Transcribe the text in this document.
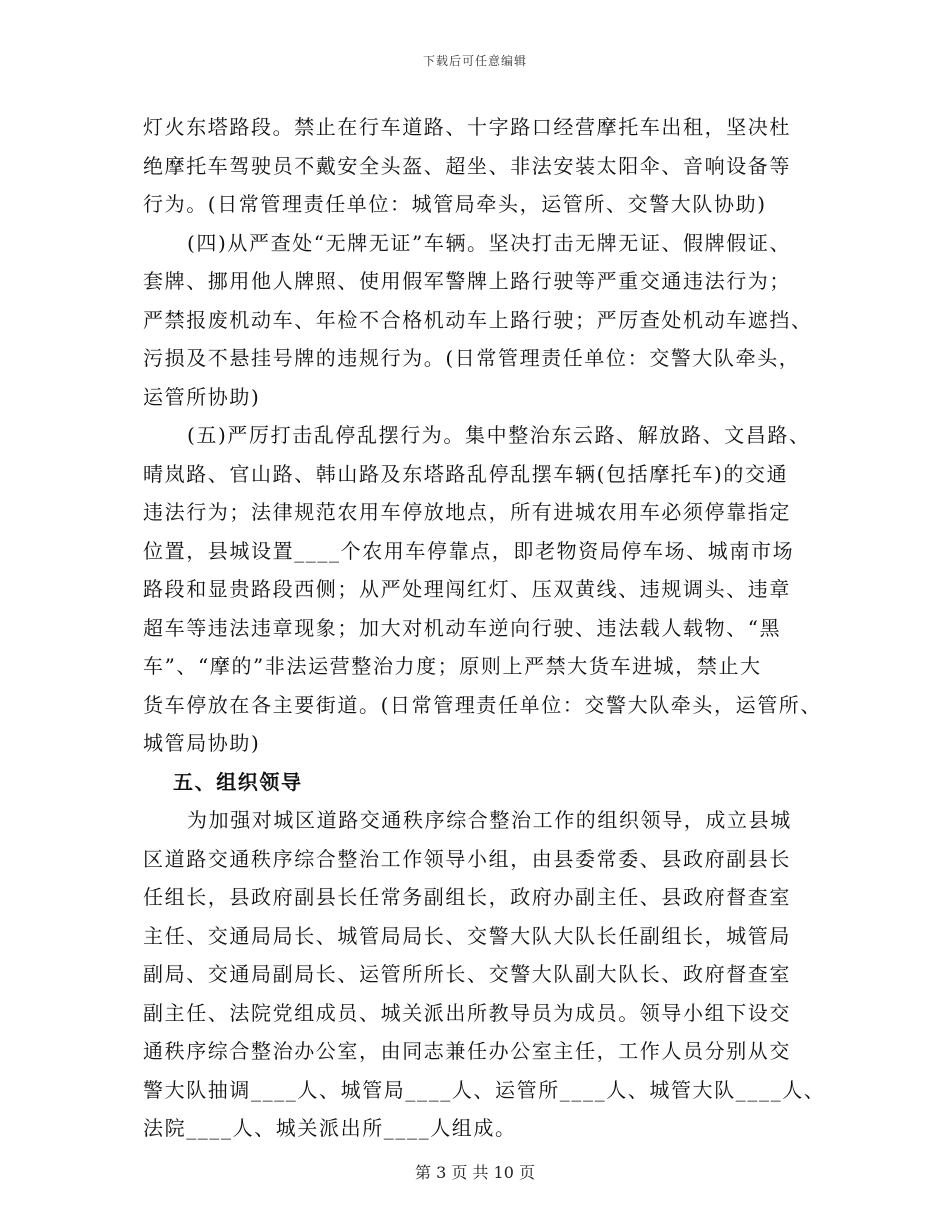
下载后可任意编辑
灯火东塔路段。禁止在行车道路、十字路口经营摩托车出租，坚决杜
绝摩托车驾驶员不戴安全头盔、超坐、非法安装太阳伞、音响设备等
行为。(日常管理责任单位：城管局牵头，运管所、交警大队协助)
(四)从严查处“无牌无证”车辆。坚决打击无牌无证、假牌假证、
套牌、挪用他人牌照、使用假军警牌上路行驶等严重交通违法行为；
严禁报废机动车、年检不合格机动车上路行驶；严厉查处机动车遮挡、
污损及不悬挂号牌的违规行为。(日常管理责任单位：交警大队牵头，
运管所协助)
(五)严厉打击乱停乱摆行为。集中整治东云路、解放路、文昌路、
晴岚路、官山路、韩山路及东塔路乱停乱摆车辆(包括摩托车)的交通
违法行为；法律规范农用车停放地点，所有进城农用车必须停靠指定
位置，县城设置____个农用车停靠点，即老物资局停车场、城南市场
路段和显贵路段西侧；从严处理闯红灯、压双黄线、违规调头、违章
超车等违法违章现象；加大对机动车逆向行驶、违法载人载物、“黑
车”、“摩的”非法运营整治力度；原则上严禁大货车进城，禁止大
货车停放在各主要街道。(日常管理责任单位：交警大队牵头，运管所、
城管局协助)
五、组织领导
为加强对城区道路交通秩序综合整治工作的组织领导，成立县城
区道路交通秩序综合整治工作领导小组，由县委常委、县政府副县长
任组长，县政府副县长任常务副组长，政府办副主任、县政府督查室
主任、交通局局长、城管局局长、交警大队大队长任副组长，城管局
副局、交通局副局长、运管所所长、交警大队副大队长、政府督查室
副主任、法院党组成员、城关派出所教导员为成员。领导小组下设交
通秩序综合整治办公室，由同志兼任办公室主任，工作人员分别从交
警大队抽调____人、城管局____人、运管所____人、城管大队____人、
法院____人、城关派出所____人组成。
第 3 页 共 10 页
